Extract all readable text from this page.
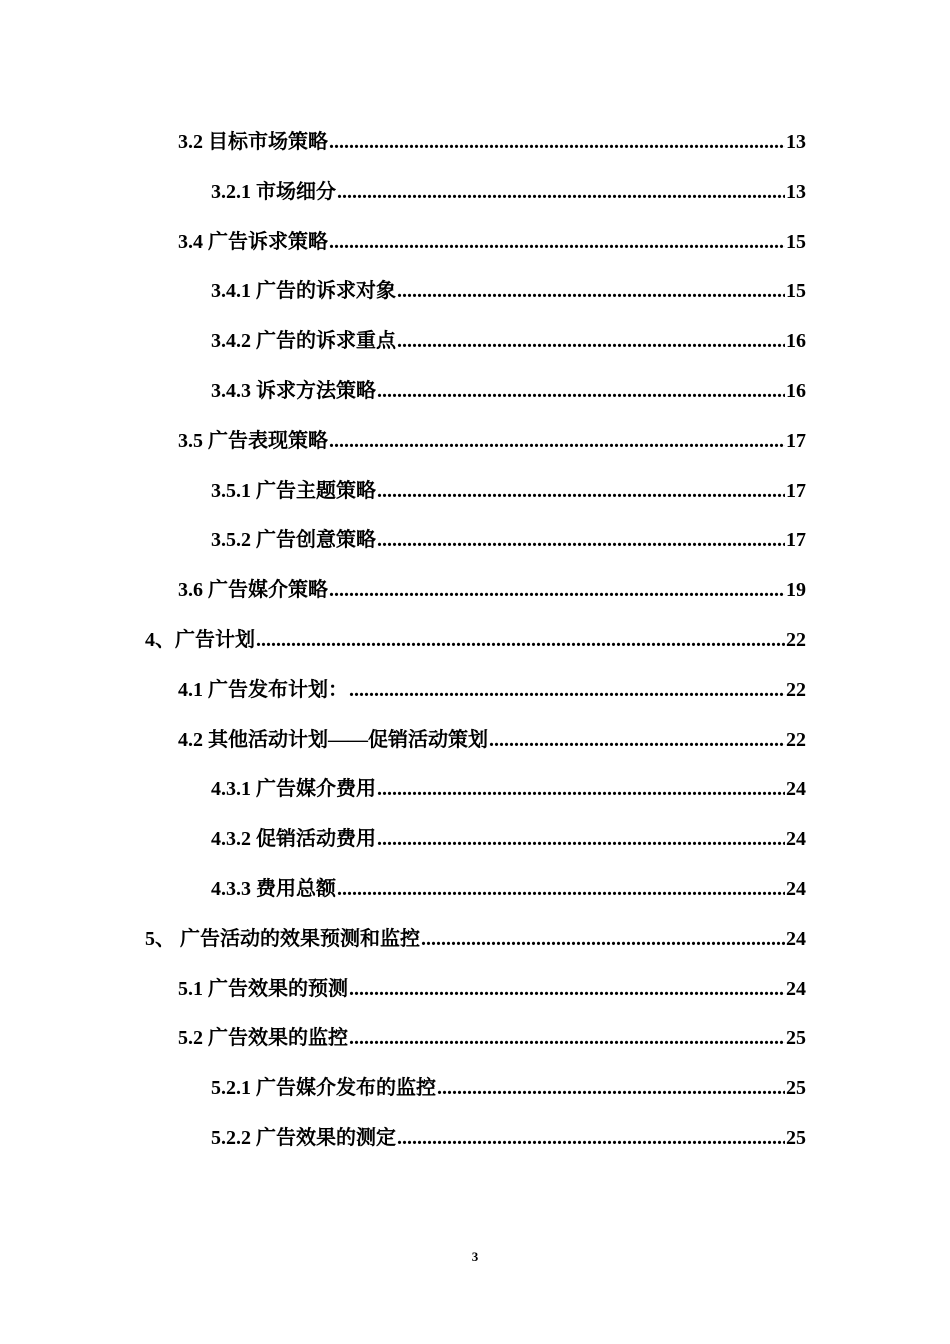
3.2 目标市场策略 .....	13
3.2.1 市场细分 .....	13
3.4 广告诉求策略 .....	15
3.4.1 广告的诉求对象 .....	15
3.4.2 广告的诉求重点 .....	16
3.4.3 诉求方法策略 .....	16
3.5 广告表现策略 .....	17
3.5.1 广告主题策略 .....	17
3.5.2 广告创意策略 .....	17
3.6 广告媒介策略 .....	19
4、广告计划 .....	22
4.1 广告发布计划： .....	22
4.2 其他活动计划——促销活动策划 .....	22
4.3.1 广告媒介费用 .....	24
4.3.2 促销活动费用 .....	24
4.3.3 费用总额 .....	24
5、 广告活动的效果预测和监控 .....	24
5.1 广告效果的预测 .....	24
5.2 广告效果的监控 .....	25
5.2.1 广告媒介发布的监控 .....	25
5.2.2 广告效果的测定 .....	25
3
